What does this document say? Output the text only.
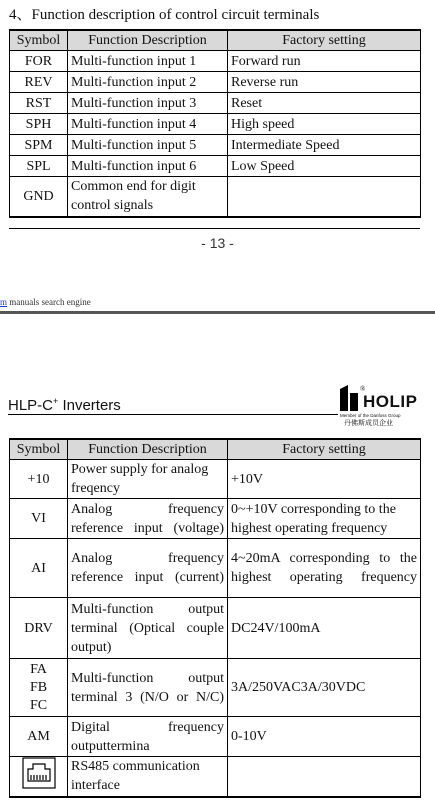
4、Function description of control circuit terminals
Symbol	Function Description	Factory setting
FOR	Multi-function input 1	Forward run
REV	Multi-function input 2	Reverse run
RST	Multi-function input 3	Reset
SPH	Multi-function input 4	High speed
SPM	Multi-function input 5	Intermediate Speed
SPL	Multi-function input 6	Low Speed
GND	Common end for digit control signals	
- 13 -
m manuals search engine
HLP-C+ Inverters
®
HOLIP
Member of the Danfoss Group
丹佛斯成员企业
Symbol	Function Description	Factory setting
+10	Power supply for analog freqency	+10V
VI	Analog frequency reference input (voltage)	0~+10V corresponding to the highest operating frequency
AI	Analog frequency reference input (current)	4~20mA corresponding to the highest operating frequency
DRV	Multi-function output terminal (Optical couple output)	DC24V/100mA
FA
FB
FC	Multi-function output terminal 3 (N/O or N/C)	3A/250VAC3A/30VDC
AM	Digital frequency outputtermina	0-10V
	RS485 communication interface	
